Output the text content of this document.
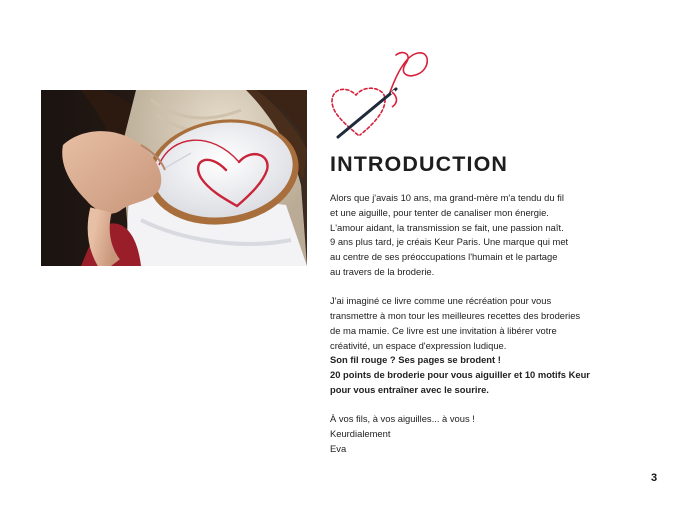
INTRODUCTION
Alors que j'avais 10 ans, ma grand-mère m'a tendu du fil
et une aiguille, pour tenter de canaliser mon énergie.
L'amour aidant, la transmission se fait, une passion naît.
9 ans plus tard, je créais Keur Paris. Une marque qui met
au centre de ses préoccupations l'humain et le partage
au travers de la broderie.
J'ai imaginé ce livre comme une récréation pour vous
transmettre à mon tour les meilleures recettes des broderies
de ma mamie. Ce livre est une invitation à libérer votre
créativité, un espace d'expression ludique.
Son fil rouge ? Ses pages se brodent !
20 points de broderie pour vous aiguiller et 10 motifs Keur
pour vous entraîner avec le sourire.
À vos fils, à vos aiguilles... à vous !
Keurdialement
Eva
3
